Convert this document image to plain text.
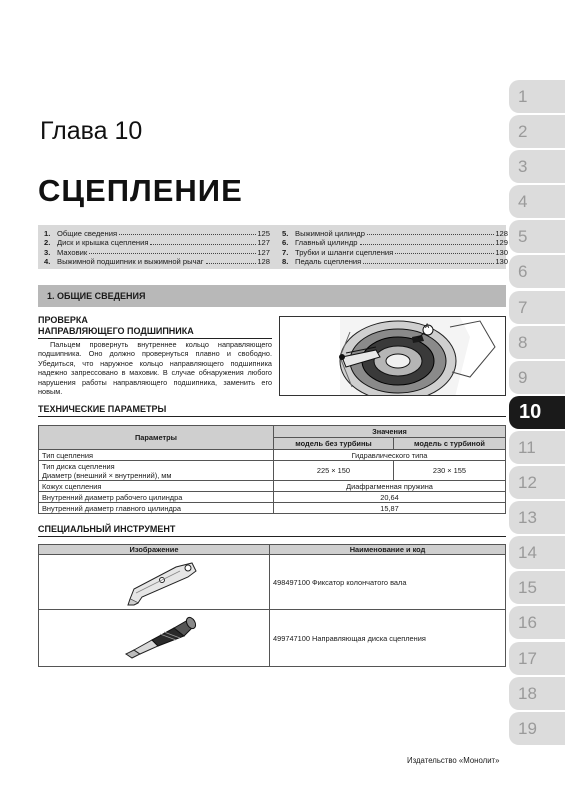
Глава 10
СЦЕПЛЕНИЕ
1. Общие сведения	125
2. Диск и крышка сцепления	127
3. Маховик	127
4. Выжимной подшипник и выжимной рычаг	128
5. Выжимной цилиндр	128
6. Главный цилиндр	129
7. Трубки и шланги сцепления	130
8. Педаль сцепления	130
1. ОБЩИЕ СВЕДЕНИЯ
ПРОВЕРКА
НАПРАВЛЯЮЩЕГО ПОДШИПНИКА
Пальцем провернуть внутреннее кольцо направляющего подшипника. Оно должно провернуться плавно и свободно. Убедиться, что наружное кольцо направляющего подшипника надежно запрессовано в маховик. В случае обнаружения любого нарушения работы направляющего подшипника, заменить его новым.
A
ТЕХНИЧЕСКИЕ ПАРАМЕТРЫ
Параметры	Значения	
	модель без турбины	модель с турбиной
Тип сцепления	Гидравлического типа	

Тип диска сцепления
Диаметр (внешний × внутренний), мм	225 × 150	230 × 155
Кожух сцепления	Диафрагменная пружина	
Внутренний диаметр рабочего цилиндра	20,64	
Внутренний диаметр главного цилиндра	15,87	
СПЕЦИАЛЬНЫЙ ИНСТРУМЕНТ
Изображение	Наименование и код
	498497100 Фиксатор колончатого вала
	499747100 Направляющая диска сцепления
1
2
3
4
5
6
7
8
9
10
11
12
13
14
15
16
17
18
19
Издательство «Монолит»
